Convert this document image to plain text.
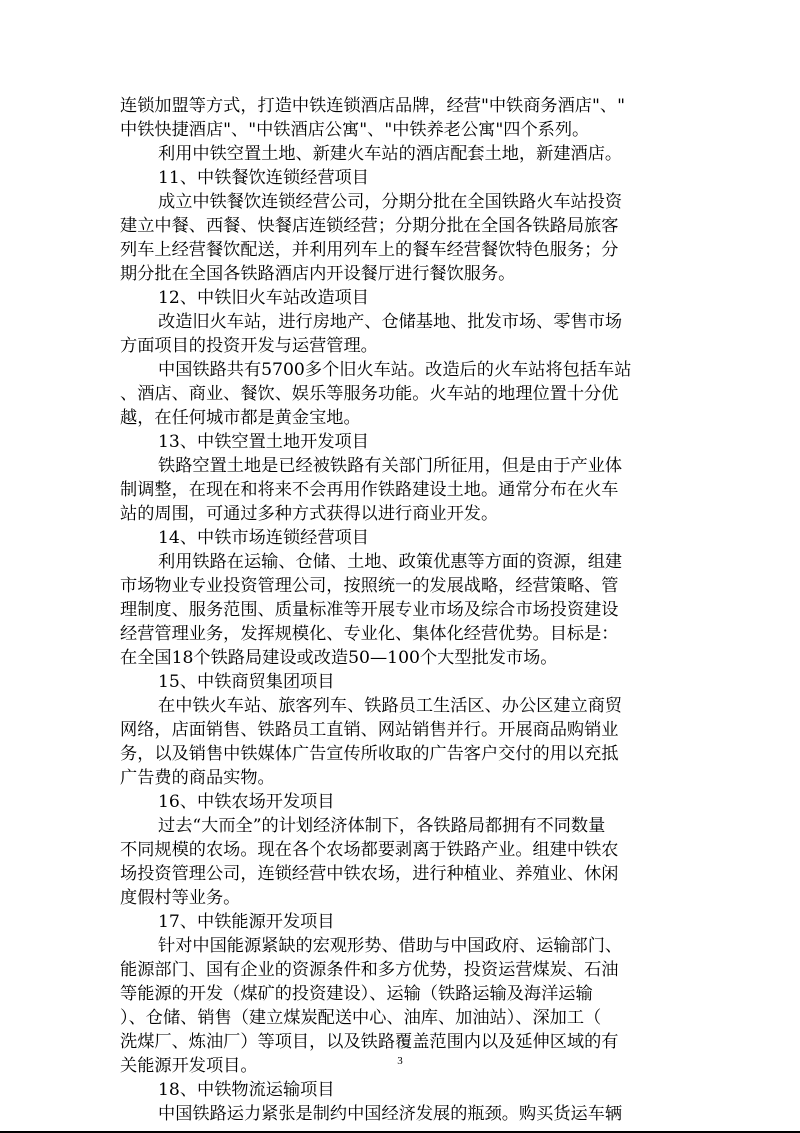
连锁加盟等方式，打造中铁连锁酒店品牌，经营"中铁商务酒店"、"
中铁快捷酒店"、"中铁酒店公寓"、"中铁养老公寓"四个系列。
利用中铁空置土地、新建火车站的酒店配套土地，新建酒店。
11、中铁餐饮连锁经营项目
成立中铁餐饮连锁经营公司，分期分批在全国铁路火车站投资
建立中餐、西餐、快餐店连锁经营；分期分批在全国各铁路局旅客
列车上经营餐饮配送，并利用列车上的餐车经营餐饮特色服务；分
期分批在全国各铁路酒店内开设餐厅进行餐饮服务。
12、中铁旧火车站改造项目
改造旧火车站，进行房地产、仓储基地、批发市场、零售市场
方面项目的投资开发与运营管理。
中国铁路共有5700多个旧火车站。改造后的火车站将包括车站
、酒店、商业、餐饮、娱乐等服务功能。火车站的地理位置十分优
越，在任何城市都是黄金宝地。
13、中铁空置土地开发项目
铁路空置土地是已经被铁路有关部门所征用，但是由于产业体
制调整，在现在和将来不会再用作铁路建设土地。通常分布在火车
站的周围，可通过多种方式获得以进行商业开发。
14、中铁市场连锁经营项目
利用铁路在运输、仓储、土地、政策优惠等方面的资源，组建
市场物业专业投资管理公司，按照统一的发展战略，经营策略、管
理制度、服务范围、质量标准等开展专业市场及综合市场投资建设
经营管理业务，发挥规模化、专业化、集体化经营优势。目标是：
在全国18个铁路局建设或改造50—100个大型批发市场。
15、中铁商贸集团项目
在中铁火车站、旅客列车、铁路员工生活区、办公区建立商贸
网络，店面销售、铁路员工直销、网站销售并行。开展商品购销业
务，以及销售中铁媒体广告宣传所收取的广告客户交付的用以充抵
广告费的商品实物。
16、中铁农场开发项目
过去“大而全”的计划经济体制下，各铁路局都拥有不同数量
不同规模的农场。现在各个农场都要剥离于铁路产业。组建中铁农
场投资管理公司，连锁经营中铁农场，进行种植业、养殖业、休闲
度假村等业务。
17、中铁能源开发项目
针对中国能源紧缺的宏观形势、借助与中国政府、运输部门、
能源部门、国有企业的资源条件和多方优势，投资运营煤炭、石油
等能源的开发（煤矿的投资建设）、运输（铁路运输及海洋运输
）、仓储、销售（建立煤炭配送中心、油库、加油站）、深加工（
洗煤厂、炼油厂）等项目，以及铁路覆盖范围内以及延伸区域的有
关能源开发项目。
18、中铁物流运输项目
中国铁路运力紧张是制约中国经济发展的瓶颈。购买货运车辆
3
